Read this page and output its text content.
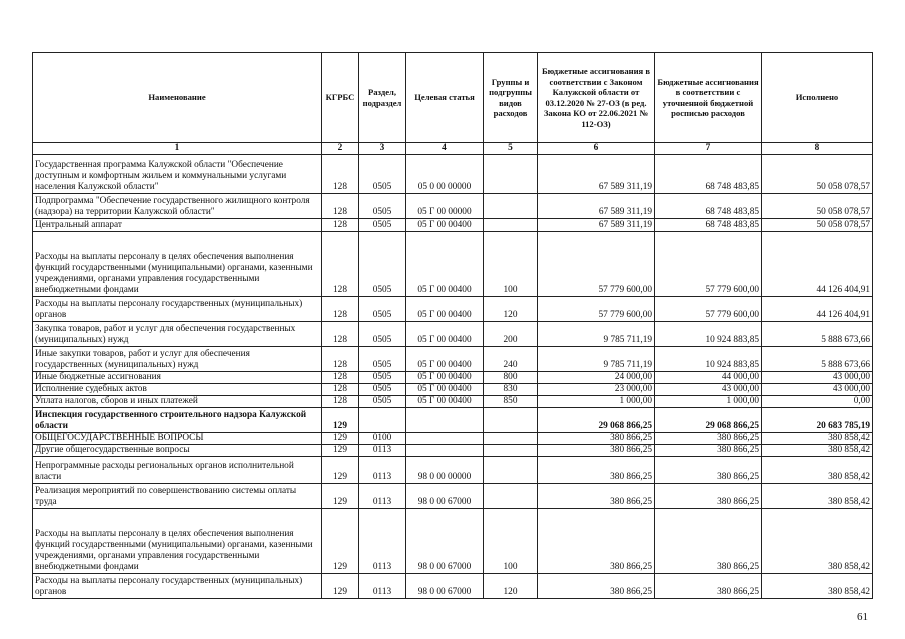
Наименование	КГРБС	Раздел, подраздел	Целевая статья	Группы и подгруппы видов расходов	Бюджетные ассигнования в соответствии с Законом Калужской области от 03.12.2020 № 27-ОЗ (в ред. Закона КО от 22.06.2021 № 112-ОЗ)	Бюджетные ассигнования в соответствии с уточненной бюджетной росписью расходов	Исполнено
1	2	3	4	5	6	7	8
Государственная программа Калужской области "Обеспечение доступным и комфортным жильем и коммунальными услугами населения Калужской области"	128	0505	05 0 00 00000		67 589 311,19	68 748 483,85	50 058 078,57
Подпрограмма "Обеспечение государственного жилищного контроля (надзора) на территории Калужской области"	128	0505	05 Г 00 00000		67 589 311,19	68 748 483,85	50 058 078,57
Центральный аппарат	128	0505	05 Г 00 00400		67 589 311,19	68 748 483,85	50 058 078,57
Расходы на выплаты персоналу в целях обеспечения выполнения функций государственными (муниципальными) органами, казенными учреждениями, органами управления государственными внебюджетными фондами	128	0505	05 Г 00 00400	100	57 779 600,00	57 779 600,00	44 126 404,91
Расходы на выплаты персоналу государственных (муниципальных) органов	128	0505	05 Г 00 00400	120	57 779 600,00	57 779 600,00	44 126 404,91
Закупка товаров, работ и услуг для обеспечения государственных (муниципальных) нужд	128	0505	05 Г 00 00400	200	9 785 711,19	10 924 883,85	5 888 673,66
Иные закупки товаров, работ и услуг для обеспечения государственных (муниципальных) нужд	128	0505	05 Г 00 00400	240	9 785 711,19	10 924 883,85	5 888 673,66
Иные бюджетные ассигнования	128	0505	05 Г 00 00400	800	24 000,00	44 000,00	43 000,00
Исполнение судебных актов	128	0505	05 Г 00 00400	830	23 000,00	43 000,00	43 000,00
Уплата налогов, сборов и иных платежей	128	0505	05 Г 00 00400	850	1 000,00	1 000,00	0,00
Инспекция государственного строительного надзора Калужской области	129				29 068 866,25	29 068 866,25	20 683 785,19
ОБЩЕГОСУДАРСТВЕННЫЕ ВОПРОСЫ	129	0100			380 866,25	380 866,25	380 858,42
Другие общегосударственные вопросы	129	0113			380 866,25	380 866,25	380 858,42
Непрограммные расходы региональных органов исполнительной власти	129	0113	98 0 00 00000		380 866,25	380 866,25	380 858,42
Реализация мероприятий по совершенствованию системы оплаты труда	129	0113	98 0 00 67000		380 866,25	380 866,25	380 858,42
Расходы на выплаты персоналу в целях обеспечения выполнения функций государственными (муниципальными) органами, казенными учреждениями, органами управления государственными внебюджетными фондами	129	0113	98 0 00 67000	100	380 866,25	380 866,25	380 858,42
Расходы на выплаты персоналу государственных (муниципальных) органов	129	0113	98 0 00 67000	120	380 866,25	380 866,25	380 858,42
61
